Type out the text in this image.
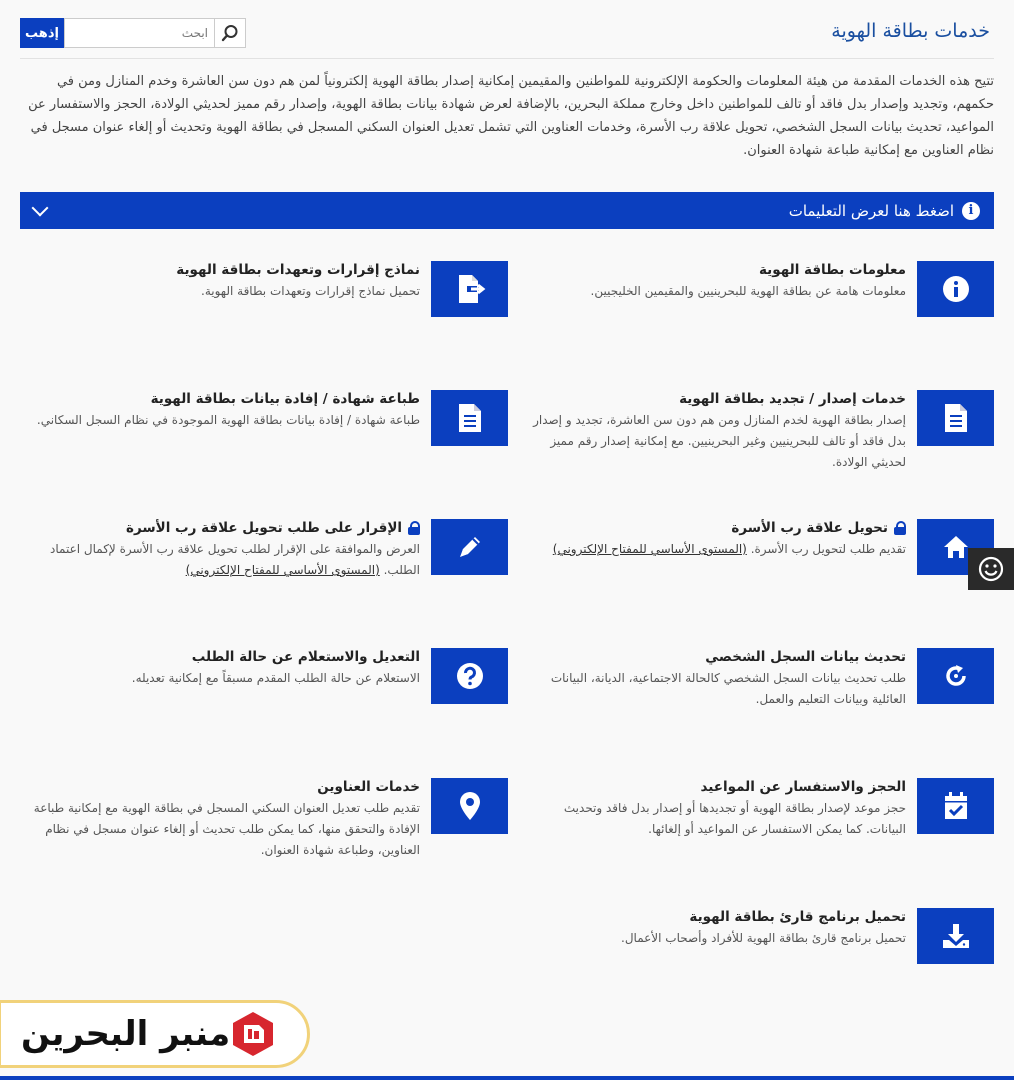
خدمات بطاقة الهوية
إذهب
ابحث
تتيح هذه الخدمات المقدمة من هيئة المعلومات والحكومة الإلكترونية للمواطنين والمقيمين إمكانية إصدار بطاقة الهوية إلكترونياً لمن هم دون سن العاشرة وخدم المنازل ومن في حكمهم، وتجديد وإصدار بدل فاقد أو تالف للمواطنين داخل وخارج مملكة البحرين، بالإضافة لعرض شهادة بيانات بطاقة الهوية، وإصدار رقم مميز لحديثي الولادة، الحجز والاستفسار عن المواعيد، تحديث بيانات السجل الشخصي، تحويل علاقة رب الأسرة، وخدمات العناوين التي تشمل تعديل العنوان السكني المسجل في بطاقة الهوية وتحديث أو إلغاء عنوان مسجل في نظام العناوين مع إمكانية طباعة شهادة العنوان.
i
اضغط هنا لعرض التعليمات
معلومات بطاقة الهوية
معلومات هامة عن بطاقة الهوية للبحرينيين والمقيمين الخليجيين.
نماذج إقرارات وتعهدات بطاقة الهوية
تحميل نماذج إقرارات وتعهدات بطاقة الهوية.
خدمات إصدار / تجديد بطاقة الهوية
إصدار بطاقة الهوية لخدم المنازل ومن هم دون سن العاشرة، تجديد و إصدار بدل فاقد أو تالف للبحرينيين وغير البحرينيين. مع إمكانية إصدار رقم مميز لحديثي الولادة.
طباعة شهادة / إفادة بيانات بطاقة الهوية
طباعة شهادة / إفادة بيانات بطاقة الهوية الموجودة في نظام السجل السكاني.
تحويل علاقة رب الأسرة
تقديم طلب لتحويل رب الأسرة. (المستوى الأساسي للمفتاح الإلكتروني)
الإقرار على طلب تحويل علاقة رب الأسرة
العرض والموافقة على الإقرار لطلب تحويل علاقة رب الأسرة لإكمال اعتماد الطلب. (المستوى الأساسي للمفتاح الإلكتروني)
تحديث بيانات السجل الشخصي
طلب تحديث بيانات السجل الشخصي كالحالة الاجتماعية، الديانة، البيانات العائلية وبيانات التعليم والعمل.
التعديل والاستعلام عن حالة الطلب
الاستعلام عن حالة الطلب المقدم مسبقاً مع إمكانية تعديله.
الحجز والاستفسار عن المواعيد
حجز موعد لإصدار بطاقة الهوية أو تجديدها أو إصدار بدل فاقد وتحديث البيانات. كما يمكن الاستفسار عن المواعيد أو إلغائها.
خدمات العناوين
تقديم طلب تعديل العنوان السكني المسجل في بطاقة الهوية مع إمكانية طباعة الإفادة والتحقق منها، كما يمكن طلب تحديث أو إلغاء عنوان مسجل في نظام العناوين، وطباعة شهادة العنوان.
تحميل برنامج قارئ بطاقة الهوية
تحميل برنامج قارئ بطاقة الهوية للأفراد وأصحاب الأعمال.
منبر البحرين
